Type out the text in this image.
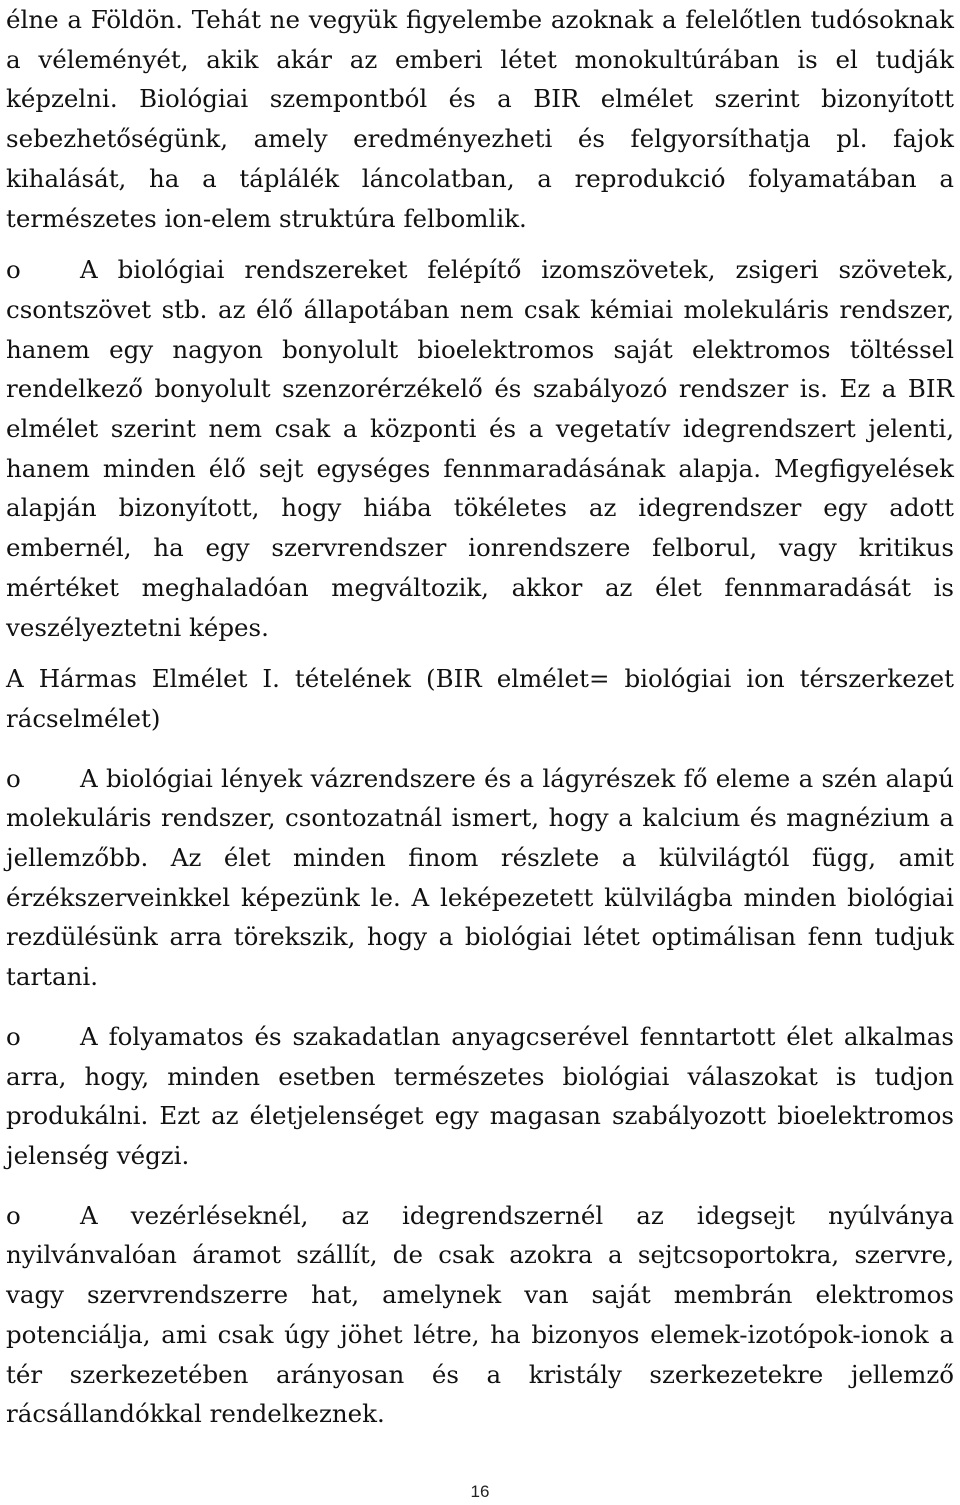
élne a Földön. Tehát ne vegyük figyelembe azoknak a felelőtlen tudósoknak a véleményét, akik akár az emberi létet monokultúrában is el tudják képzelni. Biológiai szempontból és a BIR elmélet szerint bizonyított sebezhetőségünk, amely eredményezheti és felgyorsíthatja pl. fajok kihalását, ha a táplálék láncolatban, a reprodukció folyamatában a természetes ion-elem struktúra felbomlik.

o A biológiai rendszereket felépítő izomszövetek, zsigeri szövetek, csontszövet stb. az élő állapotában nem csak kémiai molekuláris rendszer, hanem egy nagyon bonyolult bioelektromos saját elektromos töltéssel rendelkező bonyolult szenzorérzékelő és szabályozó rendszer is. Ez a BIR elmélet szerint nem csak a központi és a vegetatív idegrendszert jelenti, hanem minden élő sejt egységes fennmaradásának alapja. Megfigyelések alapján bizonyított, hogy hiába tökéletes az idegrendszer egy adott embernél, ha egy szervrendszer ionrendszere felborul, vagy kritikus mértéket meghaladóan megváltozik, akkor az élet fennmaradását is veszélyeztetni képes.

A Hármas Elmélet I. tételének (BIR elmélet= biológiai ion térszerkezet rácselmélet)

o A biológiai lények vázrendszere és a lágyrészek fő eleme a szén alapú molekuláris rendszer, csontozatnál ismert, hogy a kalcium és magnézium a jellemzőbb. Az élet minden finom részlete a külvilágtól függ, amit érzékszerveinkkel képezünk le. A leképezetett külvilágba minden biológiai rezdülésünk arra törekszik, hogy a biológiai létet optimálisan fenn tudjuk tartani.

o A folyamatos és szakadatlan anyagcserével fenntartott élet alkalmas arra, hogy, minden esetben természetes biológiai válaszokat is tudjon produkálni. Ezt az életjelenséget egy magasan szabályozott bioelektromos jelenség végzi.

o A vezérléseknél, az idegrendszernél az idegsejt nyúlványa nyilvánvalóan áramot szállít, de csak azokra a sejtcsoportokra, szervre, vagy szervrendszerre hat, amelynek van saját membrán elektromos potenciálja, ami csak úgy jöhet létre, ha bizonyos elemek-izotópok-ionok a tér szerkezetében arányosan és a kristály szerkezetekre jellemző rácsállandókkal rendelkeznek.

16
